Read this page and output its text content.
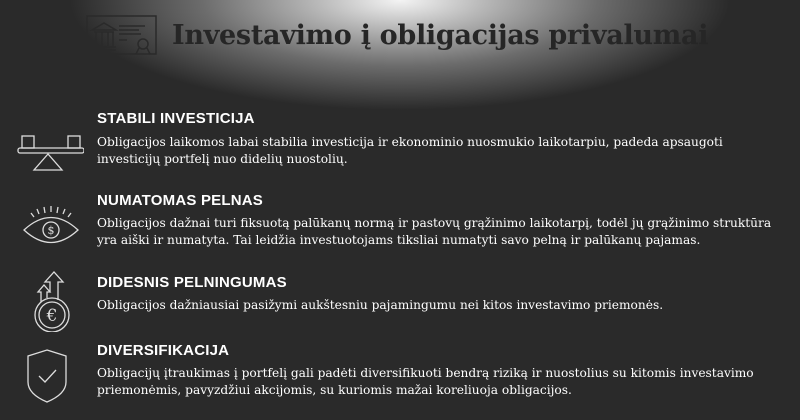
Investavimo į obligacijas privalumai
STABILI INVESTICIJA
Obligacijos laikomos labai stabilia investicija ir ekonominio nuosmukio laikotarpiu, padeda apsaugoti investicijų portfelį nuo didelių nuostolių.
$
NUMATOMAS PELNAS
Obligacijos dažnai turi fiksuotą palūkanų normą ir pastovų grąžinimo laikotarpį, todėl jų grąžinimo struktūra yra aiški ir numatyta. Tai leidžia investuotojams tiksliai numatyti savo pelną ir palūkanų pajamas.
€
DIDESNIS PELNINGUMAS
Obligacijos dažniausiai pasižymi aukštesniu pajamingumu nei kitos investavimo priemonės.
DIVERSIFIKACIJA
Obligacijų įtraukimas į portfelį gali padėti diversifikuoti bendrą riziką ir nuostolius su kitomis investavimo priemonėmis, pavyzdžiui akcijomis, su kuriomis mažai koreliuoja obligacijos.
